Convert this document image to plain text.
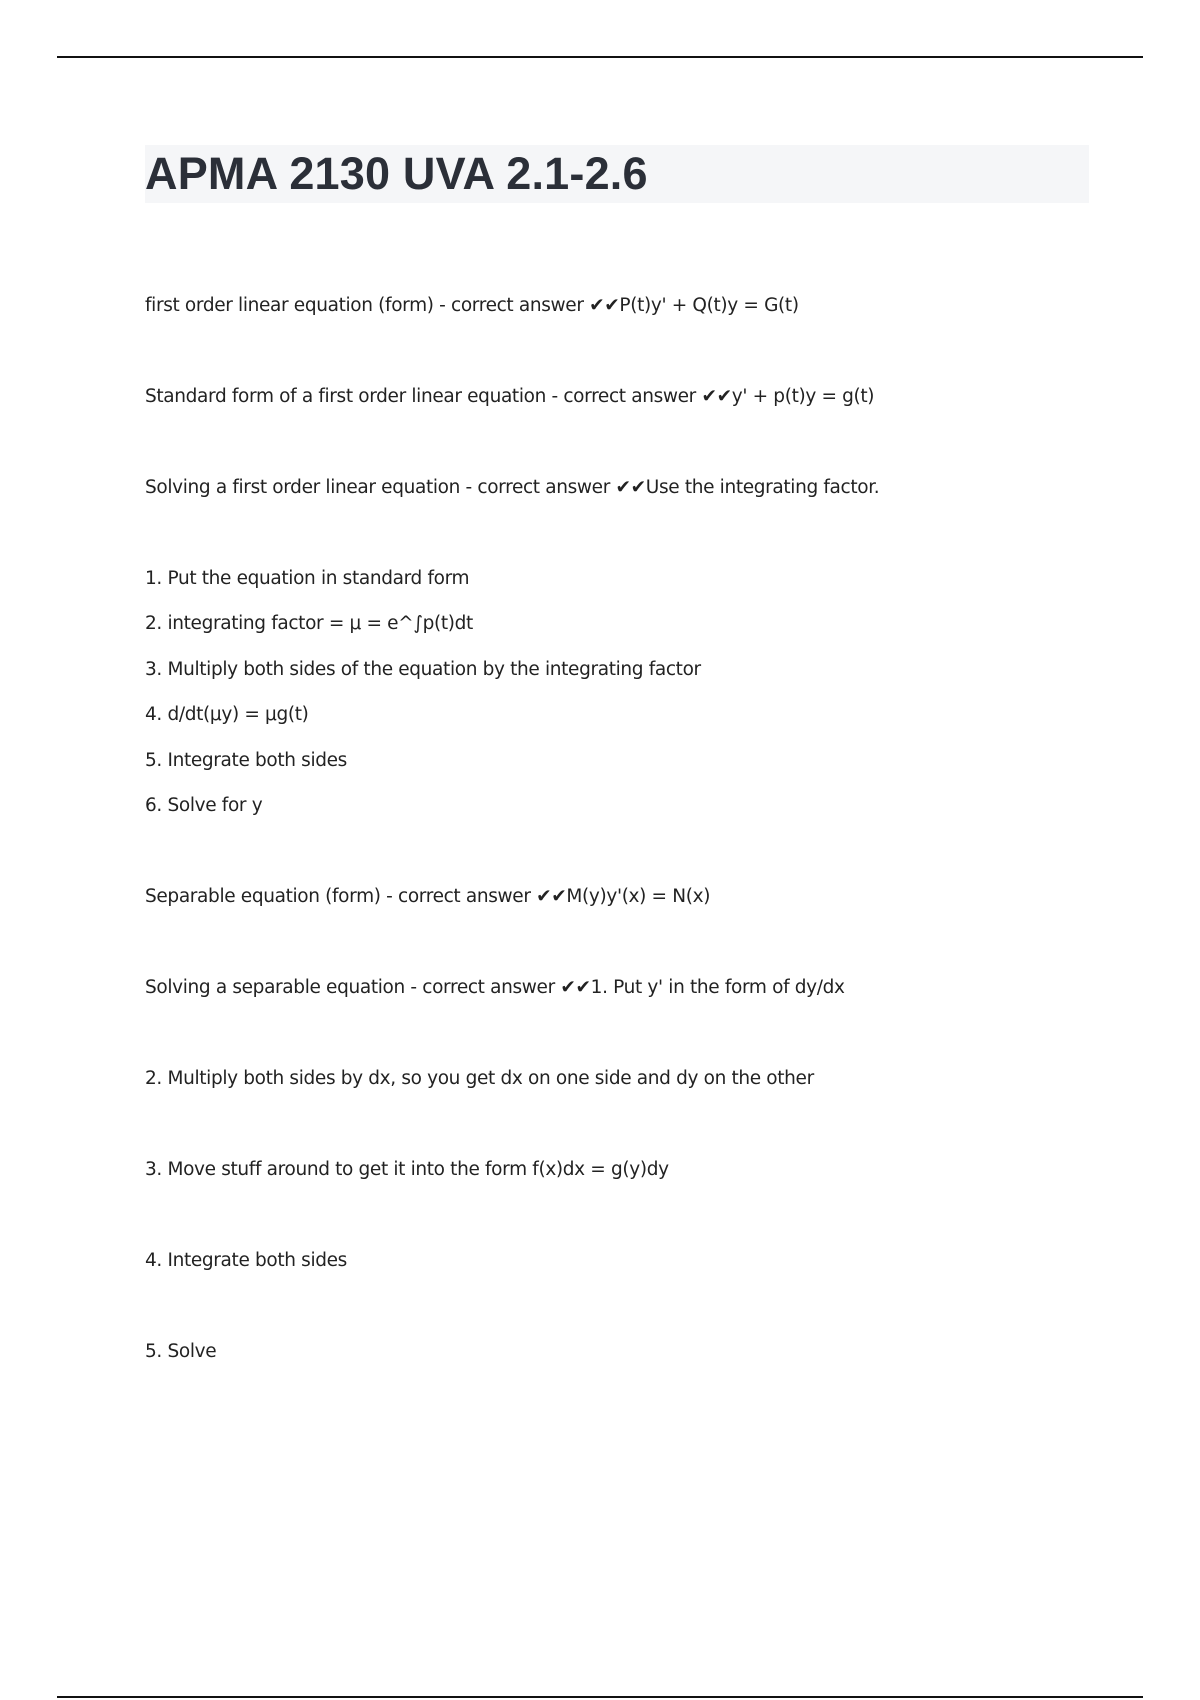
APMA 2130 UVA 2.1-2.6

first order linear equation (form) - correct answer ✔✔P(t)y' + Q(t)y = G(t)

Standard form of a first order linear equation - correct answer ✔✔y' + p(t)y = g(t)

Solving a first order linear equation - correct answer ✔✔Use the integrating factor.

1. Put the equation in standard form

2. integrating factor = μ = e^∫p(t)dt

3. Multiply both sides of the equation by the integrating factor

4. d/dt(μy) = μg(t)

5. Integrate both sides

6. Solve for y

Separable equation (form) - correct answer ✔✔M(y)y'(x) = N(x)

Solving a separable equation - correct answer ✔✔1. Put y' in the form of dy/dx

2. Multiply both sides by dx, so you get dx on one side and dy on the other

3. Move stuff around to get it into the form f(x)dx = g(y)dy

4. Integrate both sides

5. Solve
